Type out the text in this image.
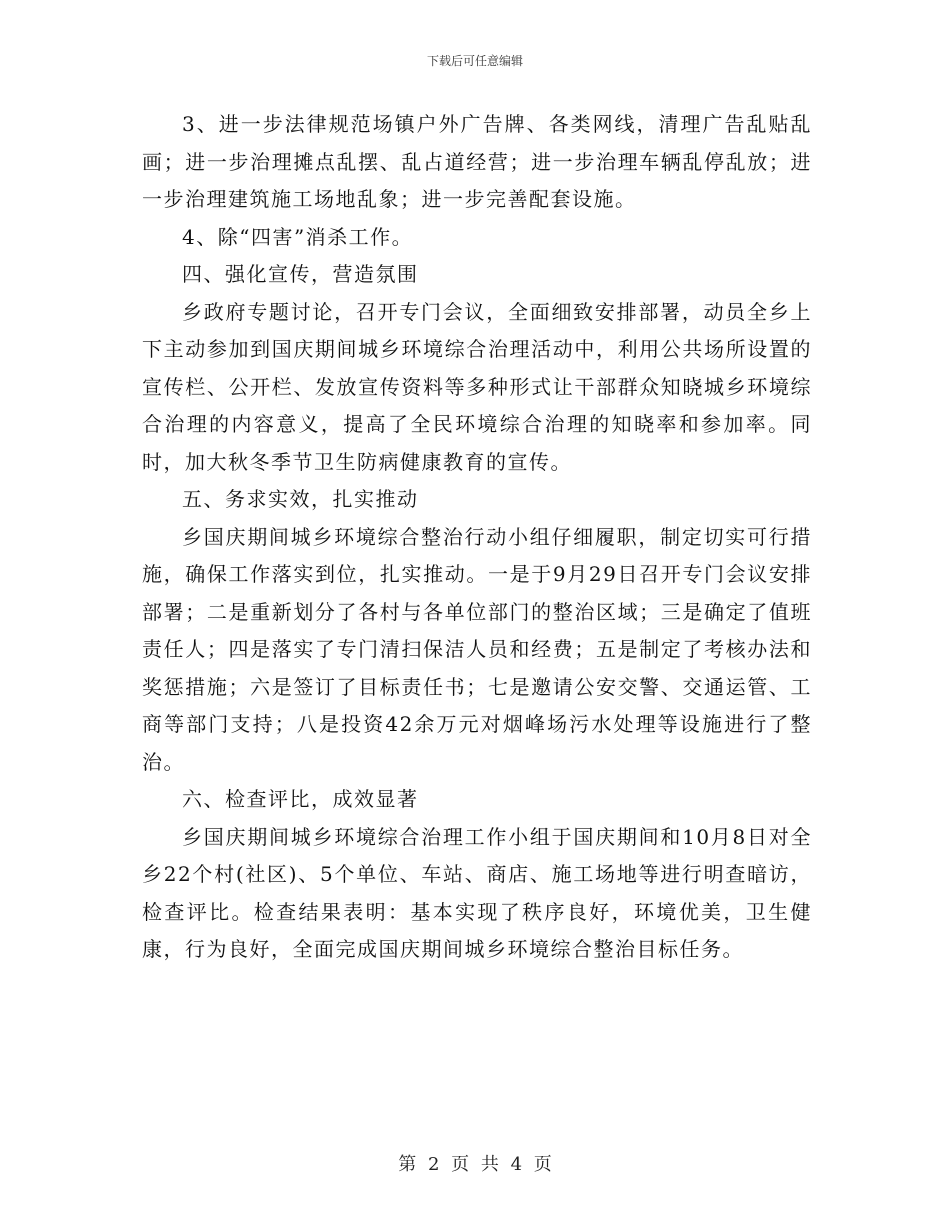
下载后可任意编辑

3、进一步法律规范场镇户外广告牌、各类网线，清理广告乱贴乱画；进一步治理摊点乱摆、乱占道经营；进一步治理车辆乱停乱放；进一步治理建筑施工场地乱象；进一步完善配套设施。

4、除“四害”消杀工作。

四、强化宣传，营造氛围

乡政府专题讨论，召开专门会议，全面细致安排部署，动员全乡上下主动参加到国庆期间城乡环境综合治理活动中，利用公共场所设置的宣传栏、公开栏、发放宣传资料等多种形式让干部群众知晓城乡环境综合治理的内容意义，提高了全民环境综合治理的知晓率和参加率。同时，加大秋冬季节卫生防病健康教育的宣传。

五、务求实效，扎实推动

乡国庆期间城乡环境综合整治行动小组仔细履职，制定切实可行措施，确保工作落实到位，扎实推动。一是于9月29日召开专门会议安排部署；二是重新划分了各村与各单位部门的整治区域；三是确定了值班责任人；四是落实了专门清扫保洁人员和经费；五是制定了考核办法和奖惩措施；六是签订了目标责任书；七是邀请公安交警、交通运管、工商等部门支持；八是投资42余万元对烟峰场污水处理等设施进行了整治。

六、检查评比，成效显著

乡国庆期间城乡环境综合治理工作小组于国庆期间和10月8日对全乡22个村(社区)、5个单位、车站、商店、施工场地等进行明查暗访，检查评比。检查结果表明：基本实现了秩序良好，环境优美，卫生健康，行为良好，全面完成国庆期间城乡环境综合整治目标任务。

第 2 页 共 4 页
